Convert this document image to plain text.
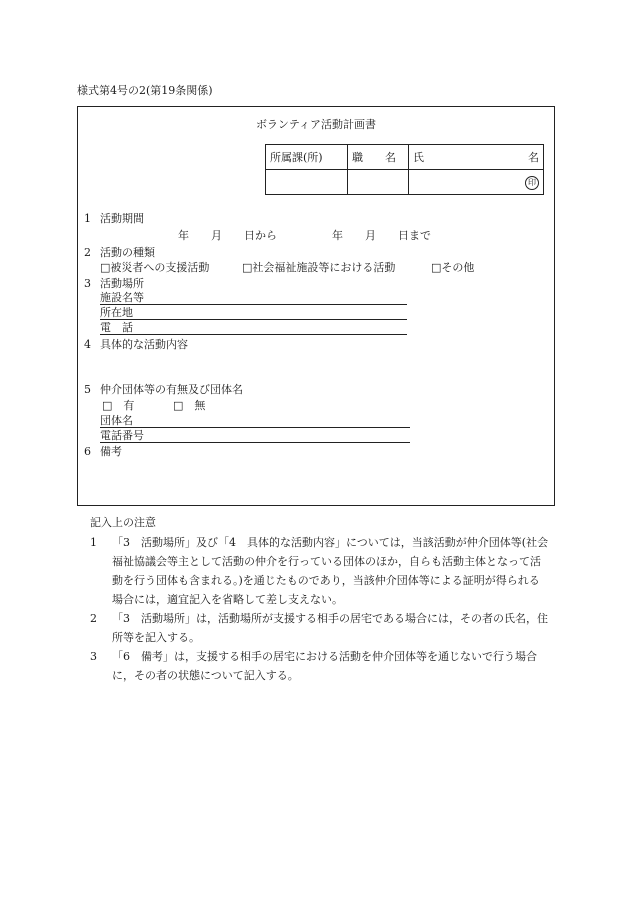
様式第4号の2(第19条関係)
ボランティア活動計画書
所属課(所)	職　　名	氏 名

		印
1 活動期間
年　　月　　日から　　　　　年　　月　　日まで
2 活動の種類
□被災者への支援活動	□社会福祉施設等における活動	□その他
3 活動場所
施設名等
所在地
電　話
4 具体的な活動内容
5 仲介団体等の有無及び団体名
□　有	□　無
団体名
電話番号
6 備考
記入上の注意
1	「3　活動場所」及び「4　具体的な活動内容」については，当該活動が仲介団体等(社会福祉協議会等主として活動の仲介を行っている団体のほか，自らも活動主体となって活動を行う団体も含まれる。)を通じたものであり，当該仲介団体等による証明が得られる場合には，適宜記入を省略して差し支えない。
2	「3　活動場所」は，活動場所が支援する相手の居宅である場合には，その者の氏名，住所等を記入する。
3	「6　備考」は，支援する相手の居宅における活動を仲介団体等を通じないで行う場合に，その者の状態について記入する。
